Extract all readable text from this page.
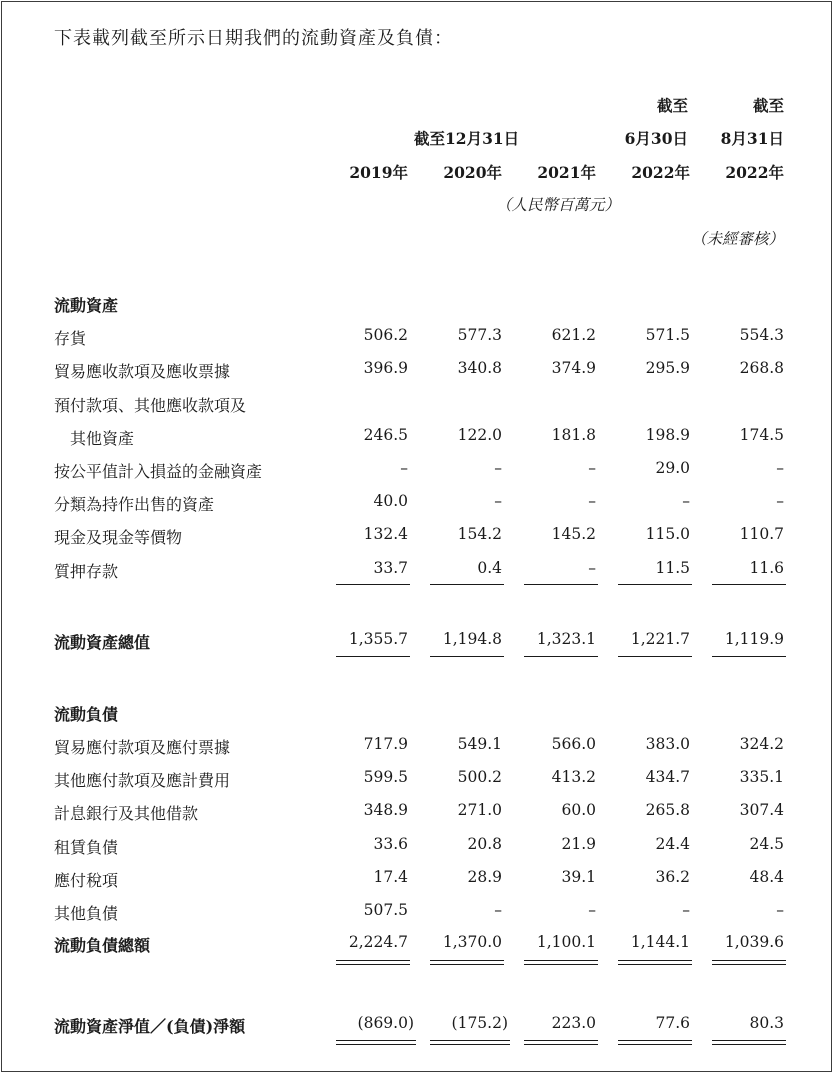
下表載列截至所示日期我們的流動資產及負債：
截至	截至
截至12月31日	6月30日 8月31日
2019年 2020年 2021年 2022年 2022年
（人民幣百萬元）
（未經審核）
流動資產
存貨	506.2	577.3	621.2	571.5	554.3
貿易應收款項及應收票據	396.9	340.8	374.9	295.9	268.8
預付款項、其他應收款項及
其他資產	246.5	122.0	181.8	198.9	174.5
按公平值計入損益的金融資產	–	–	–	29.0	–
分類為持作出售的資產	40.0	–	–	–	–
現金及現金等價物	132.4	154.2	145.2	115.0	110.7
質押存款	33.7	0.4	–	11.5	11.6
流動資產總值	1,355.7 1,194.8 1,323.1 1,221.7 1,119.9
流動負債
貿易應付款項及應付票據	717.9	549.1	566.0	383.0	324.2
其他應付款項及應計費用	599.5	500.2	413.2	434.7	335.1
計息銀行及其他借款	348.9	271.0	60.0	265.8	307.4
租賃負債	33.6	20.8	21.9	24.4	24.5
應付稅項	17.4	28.9	39.1	36.2	48.4
其他負債	507.5	–	–	–	–
流動負債總額	2,224.7 1,370.0 1,100.1 1,144.1 1,039.6
流動資產淨值／(負債)淨額	(869.0) (175.2)	223.0	77.6	80.3
